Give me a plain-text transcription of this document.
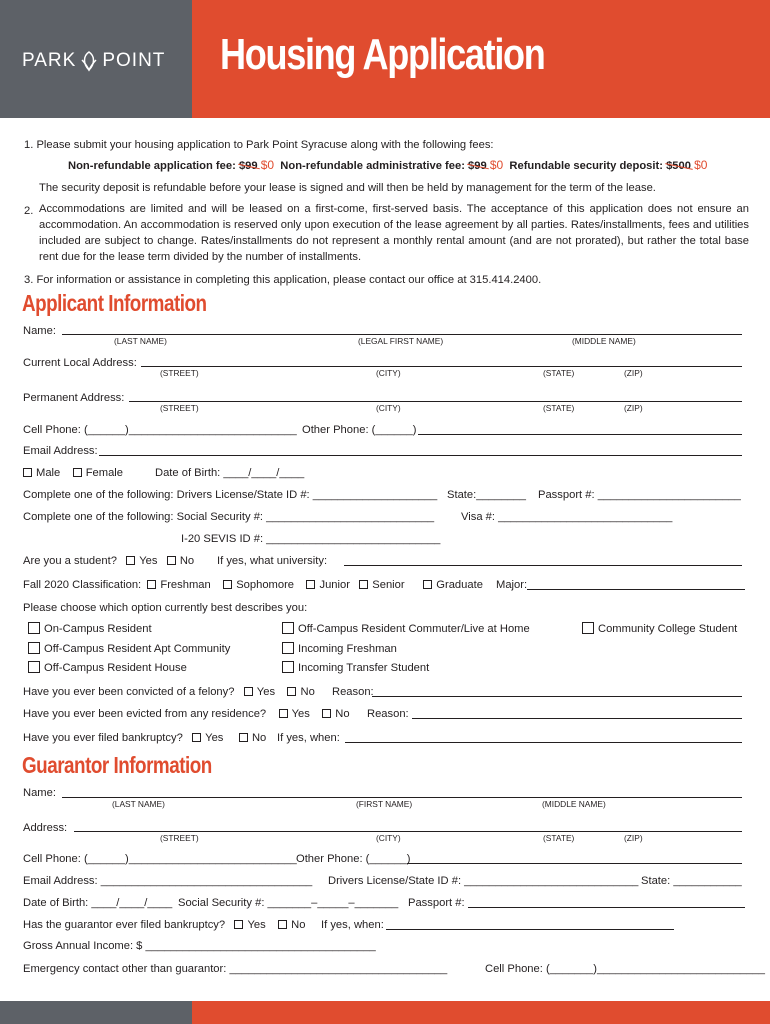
PARK POINT Housing Application
1. Please submit your housing application to Park Point Syracuse along with the following fees:
Non-refundable application fee: $99 $0 Non-refundable administrative fee: $99 $0 Refundable security deposit: $500 $0
The security deposit is refundable before your lease is signed and will then be held by management for the term of the lease.
2. Accommodations are limited and will be leased on a first-come, first-served basis. The acceptance of this application does not ensure an accommodation. An accommodation is reserved only upon execution of the lease agreement by all parties. Rates/installments, fees and utilities included are subject to change. Rates/installments do not represent a monthly rental amount (and are not prorated), but rather the total base rent due for the lease term divided by the number of installments.
3. For information or assistance in completing this application, please contact our office at 315.414.2400.
Applicant Information
Name:
(LAST NAME)	(LEGAL FIRST NAME)	(MIDDLE NAME)
Current Local Address:
(STREET)	(CITY)	(STATE)	(ZIP)
Permanent Address:
(STREET)	(CITY)	(STATE)	(ZIP)
Cell Phone: (______)___________________________ Other Phone: (______)
Email Address:
Male Female	Date of Birth: ____/____/____
Complete one of the following: Drivers License/State ID #: ____________________ State:________ Passport #: _______________________
Complete one of the following: Social Security #: ___________________________ Visa #: ____________________________
I-20 SEVIS ID #: ____________________________
Are you a student? Yes No If yes, what university:
Fall 2020 Classification: Freshman Sophomore Junior Senior	Graduate Major:
Please choose which option currently best describes you:
On-Campus Resident
Off-Campus Resident Apt Community
Off-Campus Resident House
Off-Campus Resident Commuter/Live at Home
Incoming Freshman
Incoming Transfer Student
Community College Student
Have you ever been convicted of a felony? Yes No Reason:
Have you ever been evicted from any residence? Yes No Reason:
Have you ever filed bankruptcy? Yes	No If yes, when:
Guarantor Information
Name:
(LAST NAME)	(FIRST NAME)	(MIDDLE NAME)
Address:
(STREET)	(CITY)	(STATE)	(ZIP)
Cell Phone: (______)___________________________ Other Phone: (______)
Email Address: __________________________________ Drivers License/State ID #: ____________________________ State: ___________
Date of Birth: ____/____/____ Social Security #: _______–_____–_______ Passport #:
Has the guarantor ever filed bankruptcy? Yes No If yes, when:
Gross Annual Income: $ _____________________________________
Emergency contact other than guarantor: ___________________________________	Cell Phone: (_______)___________________________
